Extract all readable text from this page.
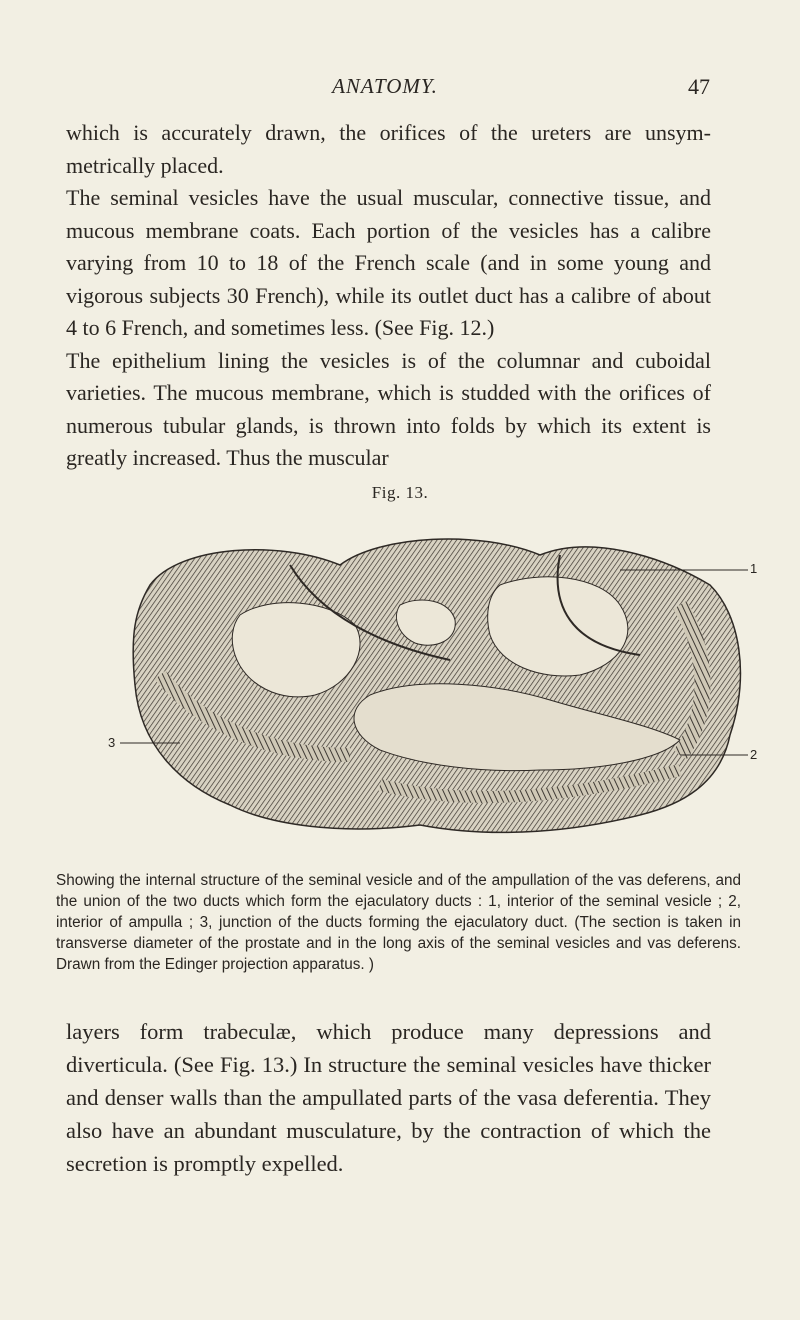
ANATOMY.	47

which is accurately drawn, the orifices of the ureters are unsym-metrically placed.

The seminal vesicles have the usual muscular, connective tissue, and mucous membrane coats. Each portion of the vesicles has a calibre varying from 10 to 18 of the French scale (and in some young and vigorous subjects 30 French), while its outlet duct has a calibre of about 4 to 6 French, and sometimes less. (See Fig. 12.)

The epithelium lining the vesicles is of the columnar and cuboidal varieties. The mucous membrane, which is studded with the orifices of numerous tubular glands, is thrown into folds by which its extent is greatly increased. Thus the muscular

Fig. 13.
1
2
3

Showing the internal structure of the seminal vesicle and of the ampullation of the vas deferens, and the union of the two ducts which form the ejaculatory ducts : 1, interior of the seminal vesicle ; 2, interior of ampulla ; 3, junction of the ducts forming the ejaculatory duct. (The section is taken in transverse diameter of the prostate and in the long axis of the seminal vesicles and vas deferens. Drawn from the Edinger projection apparatus. )

layers form trabeculæ, which produce many depressions and diverticula. (See Fig. 13.) In structure the seminal vesicles have thicker and denser walls than the ampullated parts of the vasa deferentia. They also have an abundant musculature, by the contraction of which the secretion is promptly expelled.
